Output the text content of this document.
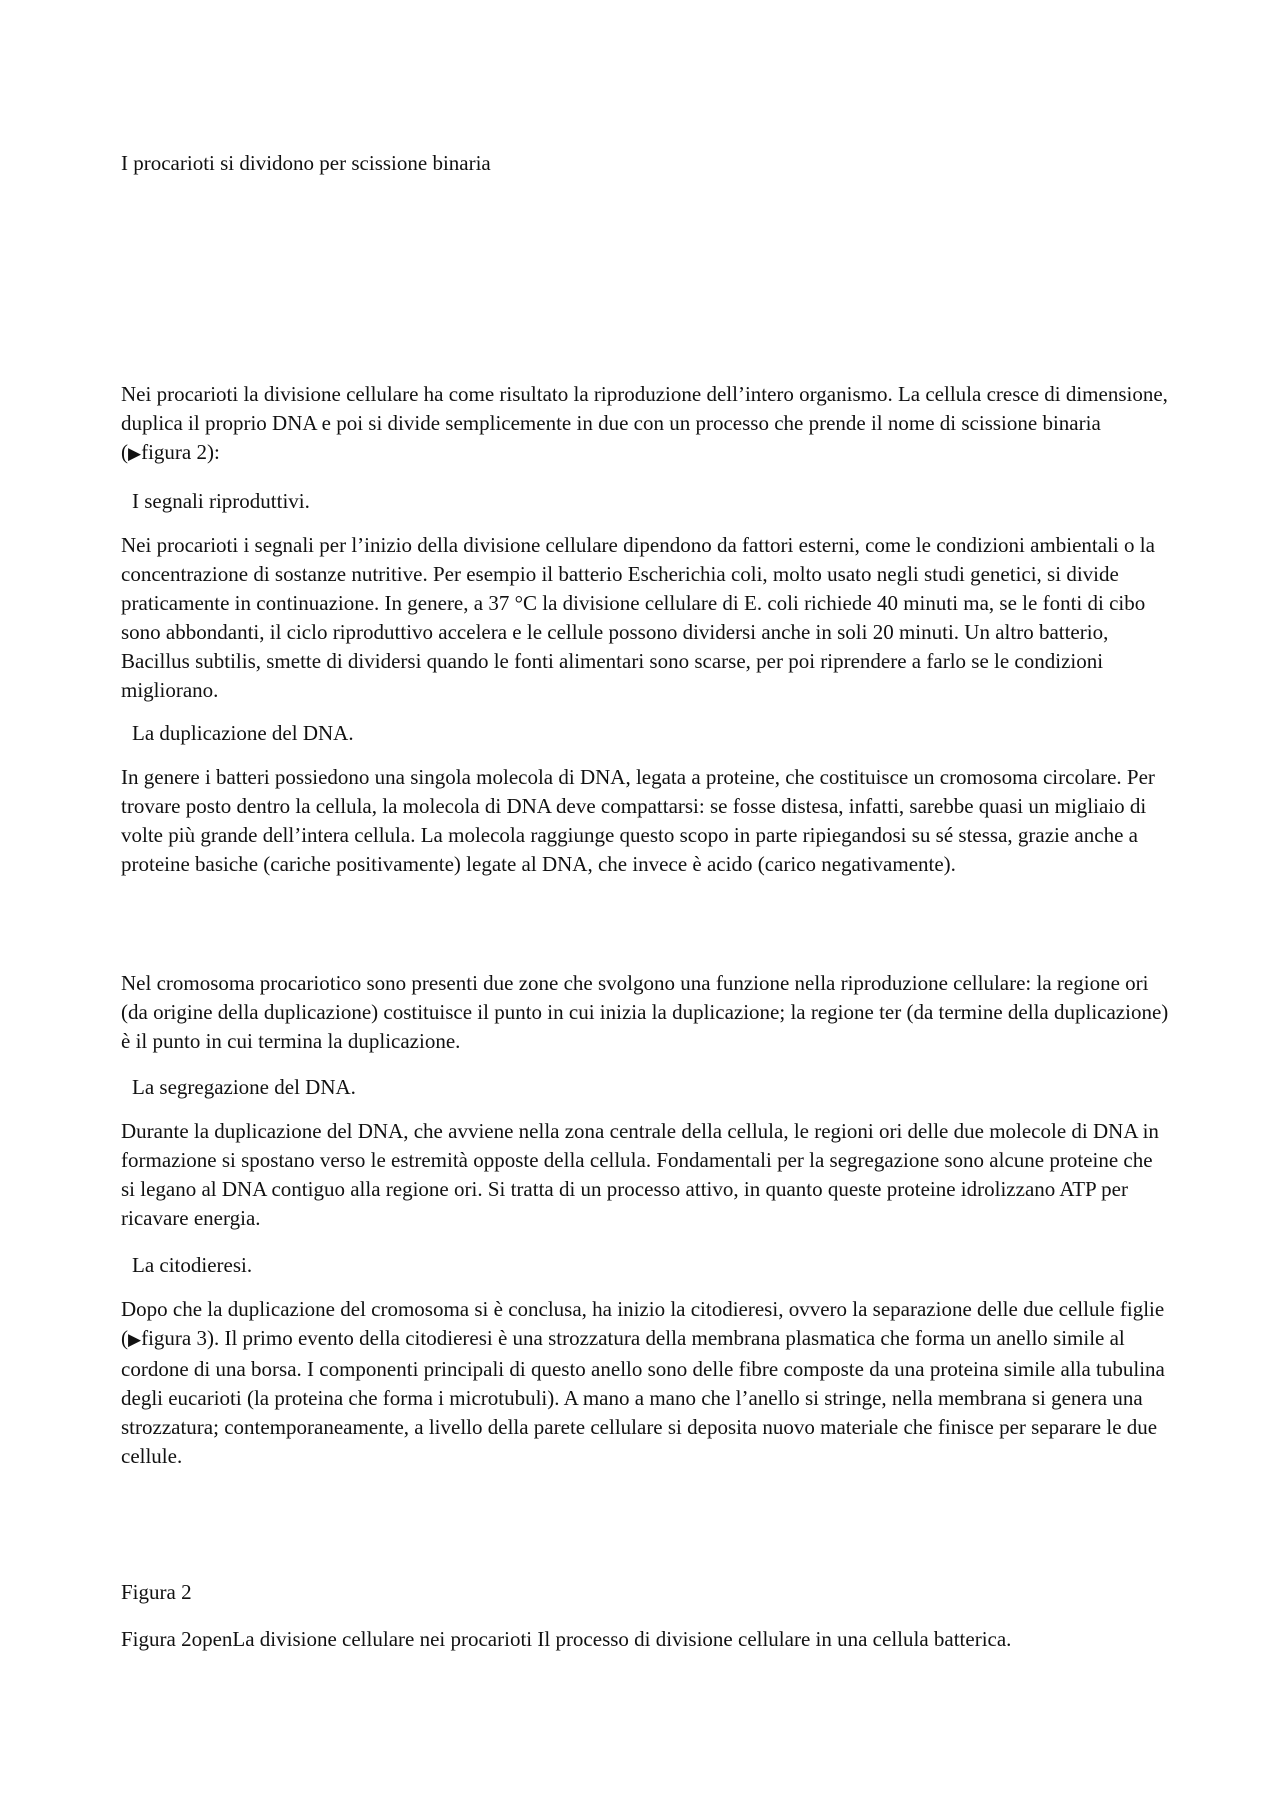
I procarioti si dividono per scissione binaria

Nei procarioti la divisione cellulare ha come risultato la riproduzione dell’intero organismo. La cellula cresce di dimensione, duplica il proprio DNA e poi si divide semplicemente in due con un processo che prende il nome di scissione binaria (▶figura 2):

I segnali riproduttivi.

Nei procarioti i segnali per l’inizio della divisione cellulare dipendono da fattori esterni, come le condizioni ambientali o la concentrazione di sostanze nutritive. Per esempio il batterio Escherichia coli, molto usato negli studi genetici, si divide praticamente in continuazione. In genere, a 37 °C la divisione cellulare di E. coli richiede 40 minuti ma, se le fonti di cibo sono abbondanti, il ciclo riproduttivo accelera e le cellule possono dividersi anche in soli 20 minuti. Un altro batterio, Bacillus subtilis, smette di dividersi quando le fonti alimentari sono scarse, per poi riprendere a farlo se le condizioni migliorano.

La duplicazione del DNA.

In genere i batteri possiedono una singola molecola di DNA, legata a proteine, che costituisce un cromosoma circolare. Per trovare posto dentro la cellula, la molecola di DNA deve compattarsi: se fosse distesa, infatti, sarebbe quasi un migliaio di volte più grande dell’intera cellula. La molecola raggiunge questo scopo in parte ripiegandosi su sé stessa, grazie anche a proteine basiche (cariche positivamente) legate al DNA, che invece è acido (carico negativamente).

Nel cromosoma procariotico sono presenti due zone che svolgono una funzione nella riproduzione cellulare: la regione ori (da origine della duplicazione) costituisce il punto in cui inizia la duplicazione; la regione ter (da termine della duplicazione) è il punto in cui termina la duplicazione.

La segregazione del DNA.

Durante la duplicazione del DNA, che avviene nella zona centrale della cellula, le regioni ori delle due molecole di DNA in formazione si spostano verso le estremità opposte della cellula. Fondamentali per la segregazione sono alcune proteine che si legano al DNA contiguo alla regione ori. Si tratta di un processo attivo, in quanto queste proteine idrolizzano ATP per ricavare energia.

La citodieresi.

Dopo che la duplicazione del cromosoma si è conclusa, ha inizio la citodieresi, ovvero la separazione delle due cellule figlie (▶figura 3). Il primo evento della citodieresi è una strozzatura della membrana plasmatica che forma un anello simile al cordone di una borsa. I componenti principali di questo anello sono delle fibre composte da una proteina simile alla tubulina degli eucarioti (la proteina che forma i microtubuli). A mano a mano che l’anello si stringe, nella membrana si genera una strozzatura; contemporaneamente, a livello della parete cellulare si deposita nuovo materiale che finisce per separare le due cellule.

Figura 2

Figura 2openLa divisione cellulare nei procarioti Il processo di divisione cellulare in una cellula batterica.
